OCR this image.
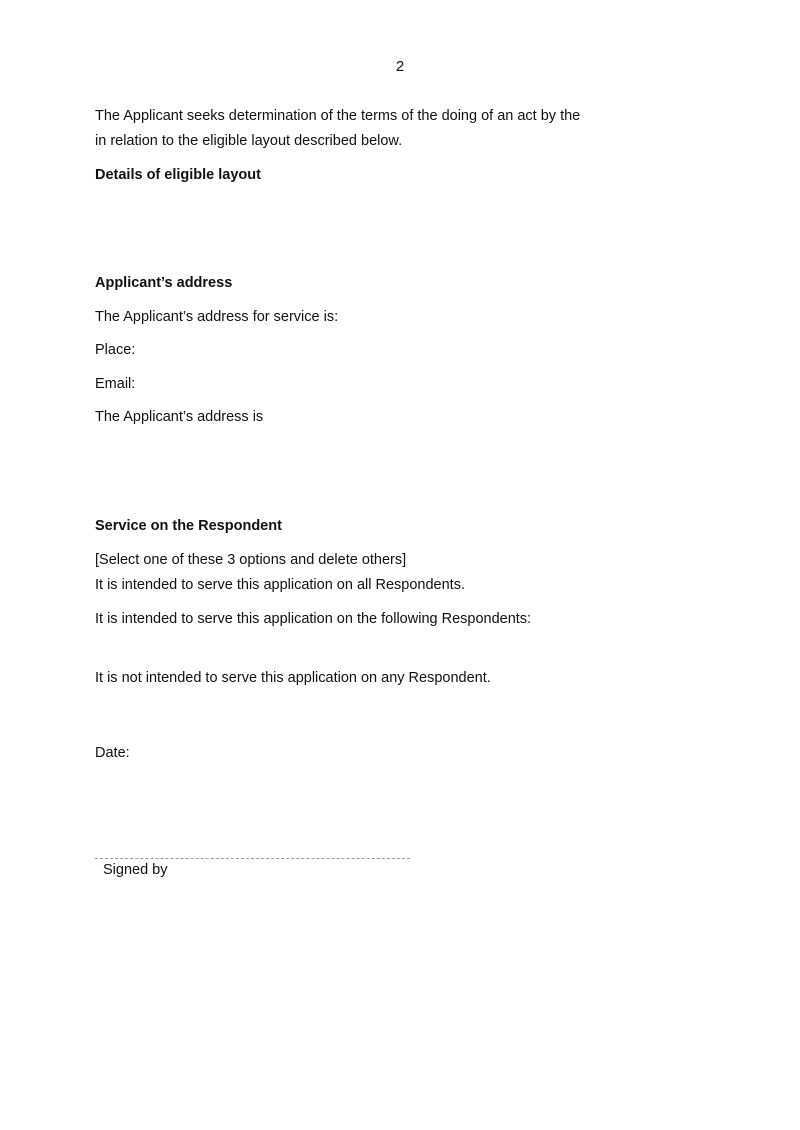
2
The Applicant seeks determination of the terms of the doing of an act by the
in relation to the eligible layout described below.
Details of eligible layout
Applicant’s address
The Applicant’s address for service is:
Place:
Email:
The Applicant’s address is
Service on the Respondent
[Select one of these 3 options and delete others]
It is intended to serve this application on all Respondents.
It is intended to serve this application on the following Respondents:
It is not intended to serve this application on any Respondent.
Date:
Signed by
